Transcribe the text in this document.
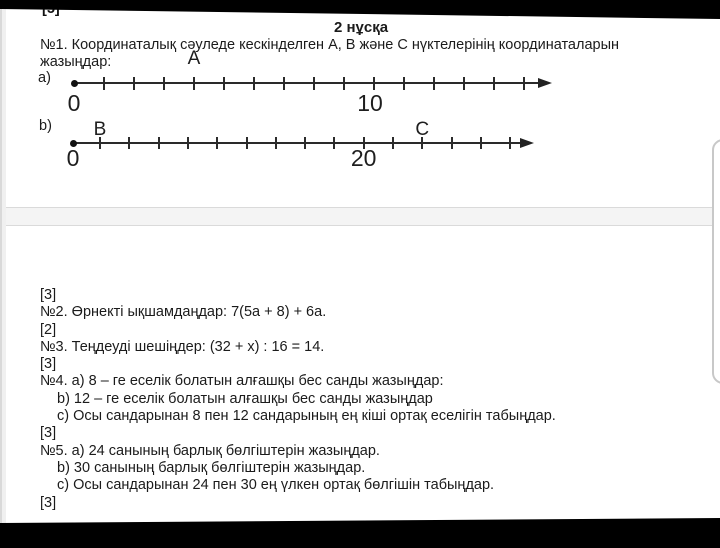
2 нұсқа
№1. Координаталық сәуледе кескінделген А, В және С нүктелерінің координаталарын
жазыңдар:
a)
0	10
А
b)
0	20
В	С
[3]
№2. Өрнекті ықшамдаңдар: 7(5a + 8) + 6a.
[2]
№3. Теңдеуді шешіңдер: (32 + x) : 16 = 14.
[3]
№4. a) 8 – ге еселік болатын алғашқы бес санды жазыңдар:
b) 12 – ге еселік болатын алғашқы бес санды жазыңдар
c) Осы сандарынан 8 пен 12 сандарының ең кіші ортақ еселігін табыңдар.
[3]
№5. a) 24 санының барлық бөлгіштерін жазыңдар.
b) 30 санының барлық бөлгіштерін жазыңдар.
c) Осы сандарынан 24 пен 30 ең үлкен ортақ бөлгішін табыңдар.
[3]
